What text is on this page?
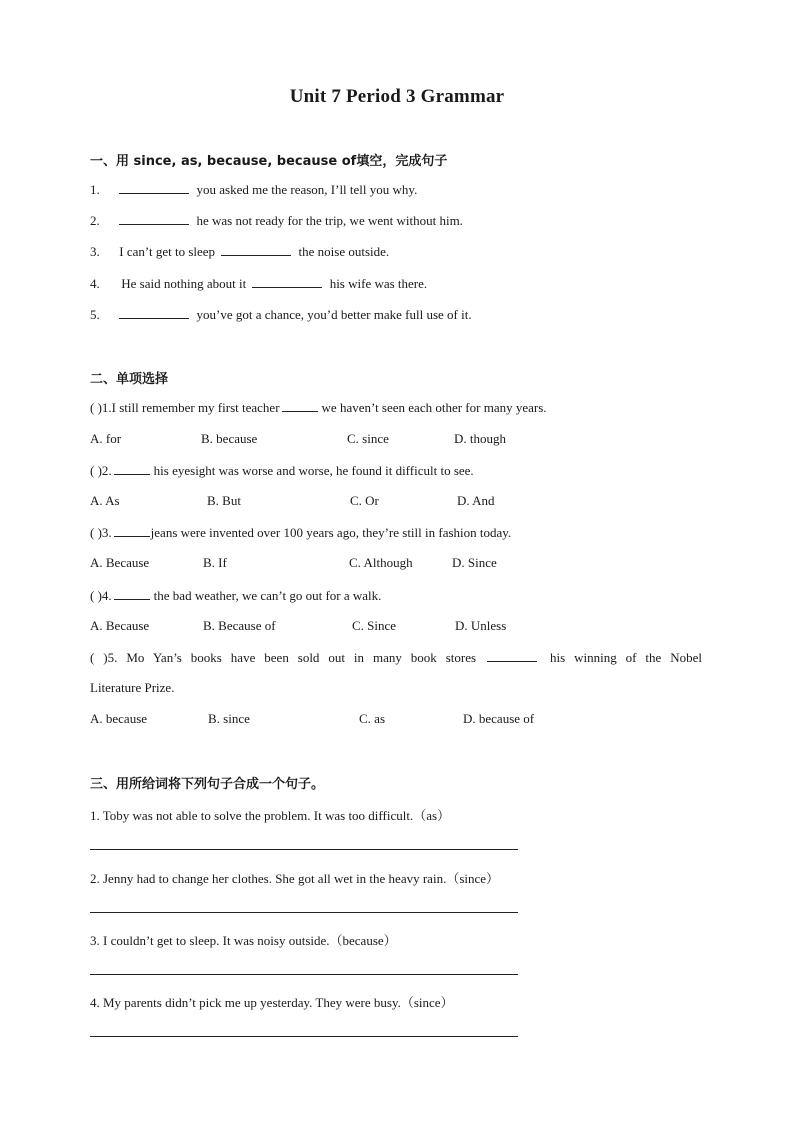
Unit 7 Period 3 Grammar
一、用 since, as, because, because of填空，完成句子
1.	you asked me the reason, I’ll tell you why.
2.	he was not ready for the trip, we went without him.
3. I can’t get to sleep	the noise outside.
4. He said nothing about it	his wife was there.
5.	you’ve got a chance, you’d better make full use of it.
二、单项选择
( )1.I still remember my first teacher	we haven’t seen each other for many years.
A. for	B. because	C. since	D. though
( )2.	his eyesight was worse and worse, he found it difficult to see.
A. As	B. But	C. Or	D. And
( )3.	jeans were invented over 100 years ago, they’re still in fashion today.
A. Because	B. If	C. Although	D. Since
( )4.	the bad weather, we can’t go out for a walk.
A. Because	B. Because of	C. Since	D. Unless
( )5. Mo Yan’s books have been sold out in many book stores	his winning of the Nobel
Literature Prize.
A. because	B. since	C. as	D. because of
三、用所给词将下列句子合成一个句子。
1. Toby was not able to solve the problem. It was too difficult.（as）
2. Jenny had to change her clothes. She got all wet in the heavy rain.（since）
3. I couldn’t get to sleep. It was noisy outside.（because）
4. My parents didn’t pick me up yesterday. They were busy.（since）
